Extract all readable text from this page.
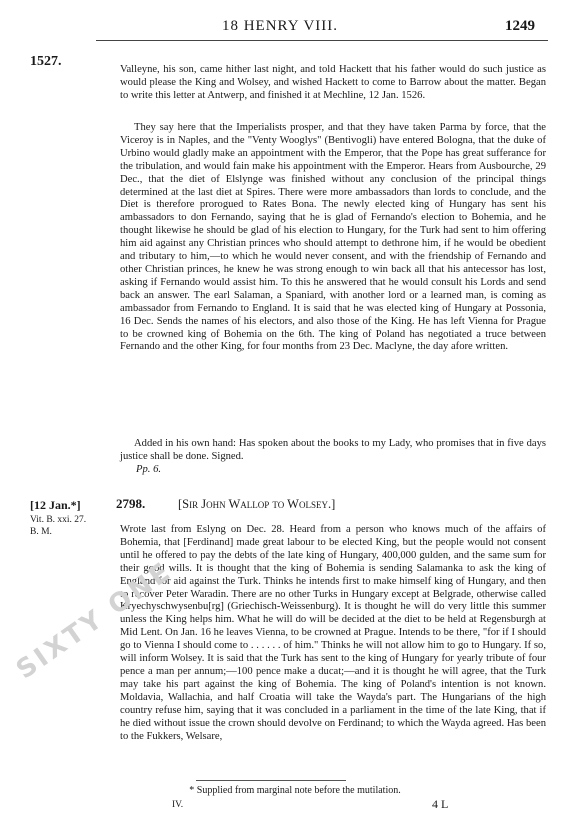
18 HENRY VIII.	1249
1527.

Valleyne, his son, came hither last night, and told Hackett that his father would do such justice as would please the King and Wolsey, and wished Hackett to come to Barrow about the matter. Began to write this letter at Antwerp, and finished it at Mechline, 12 Jan. 1526.

They say here that the Imperialists prosper, and that they have taken Parma by force, that the Viceroy is in Naples, and the "Venty Wooglys" (Bentivogli) have entered Bologna, that the duke of Urbino would gladly make an appointment with the Emperor, that the Pope has great sufferance for the tribulation, and would fain make his appointment with the Emperor. Hears from Ausbourche, 29 Dec., that the diet of Elslynge was finished without any conclusion of the principal things determined at the last diet at Spires. There were more ambassadors than lords to conclude, and the Diet is therefore prorogued to Rates Bona. The newly elected king of Hungary has sent his ambassadors to don Fernando, saying that he is glad of Fernando's election to Bohemia, and he thought likewise he should be glad of his election to Hungary, for the Turk had sent to him offering him aid against any Christian princes who should attempt to dethrone him, if he would be obedient and tributary to him,—to which he would never consent, and with the friendship of Fernando and other Christian princes, he knew he was strong enough to win back all that his antecessor has lost, asking if Fernando would assist him. To this he answered that he would consult his Lords and send back an answer. The earl Salaman, a Spaniard, with another lord or a learned man, is coming as ambassador from Fernando to England. It is said that he was elected king of Hungary at Possonia, 16 Dec. Sends the names of his electors, and also those of the King. He has left Vienna for Prague to be crowned king of Bohemia on the 6th. The king of Poland has negotiated a truce between Fernando and the other King, for four months from 23 Dec. Maclyne, the day afore written.

Added in his own hand: Has spoken about the books to my Lady, who promises that in five days justice shall be done. Signed.

Pp. 6.
[12 Jan.*]
Vit. B. xxi. 27.
B. M.
2798.	[Sir John Wallop to Wolsey.]

Wrote last from Eslyng on Dec. 28. Heard from a person who knows much of the affairs of Bohemia, that [Ferdinand] made great labour to be elected King, but the people would not consent until he offered to pay the debts of the late king of Hungary, 400,000 gulden, and the same sum for their good wills. It is thought that the king of Bohemia is sending Salamanka to ask the king of England for aid against the Turk. Thinks he intends first to make himself king of Hungary, and then to recover Peter Waradin. There are no other Turks in Hungary except at Belgrade, otherwise called Kryechyschwysenbu[rg] (Griechisch-Weissenburg). It is thought he will do very little this summer unless the King helps him. What he will do will be decided at the diet to be held at Regensburgh at Mid Lent. On Jan. 16 he leaves Vienna, to be crowned at Prague. Intends to be there, "for if I should go to Vienna I should come to . . . . . . of him." Thinks he will not allow him to go to Hungary. If so, will inform Wolsey. It is said that the Turk has sent to the king of Hungary for yearly tribute of four pence a man per annum;—100 pence make a ducat;—and it is thought he will agree, that the Turk may take his part against the king of Bohemia. The king of Poland's intention is not known. Moldavia, Wallachia, and half Croatia will take the Wayda's part. The Hungarians of the high country refuse him, saying that it was concluded in a parliament in the time of the late King, that if he died without issue the crown should devolve on Ferdinand; to which the Wayda agreed. Has been to the Fukkers, Welsare,

SIXTY ONE
* Supplied from marginal note before the mutilation.
IV.	4 L
